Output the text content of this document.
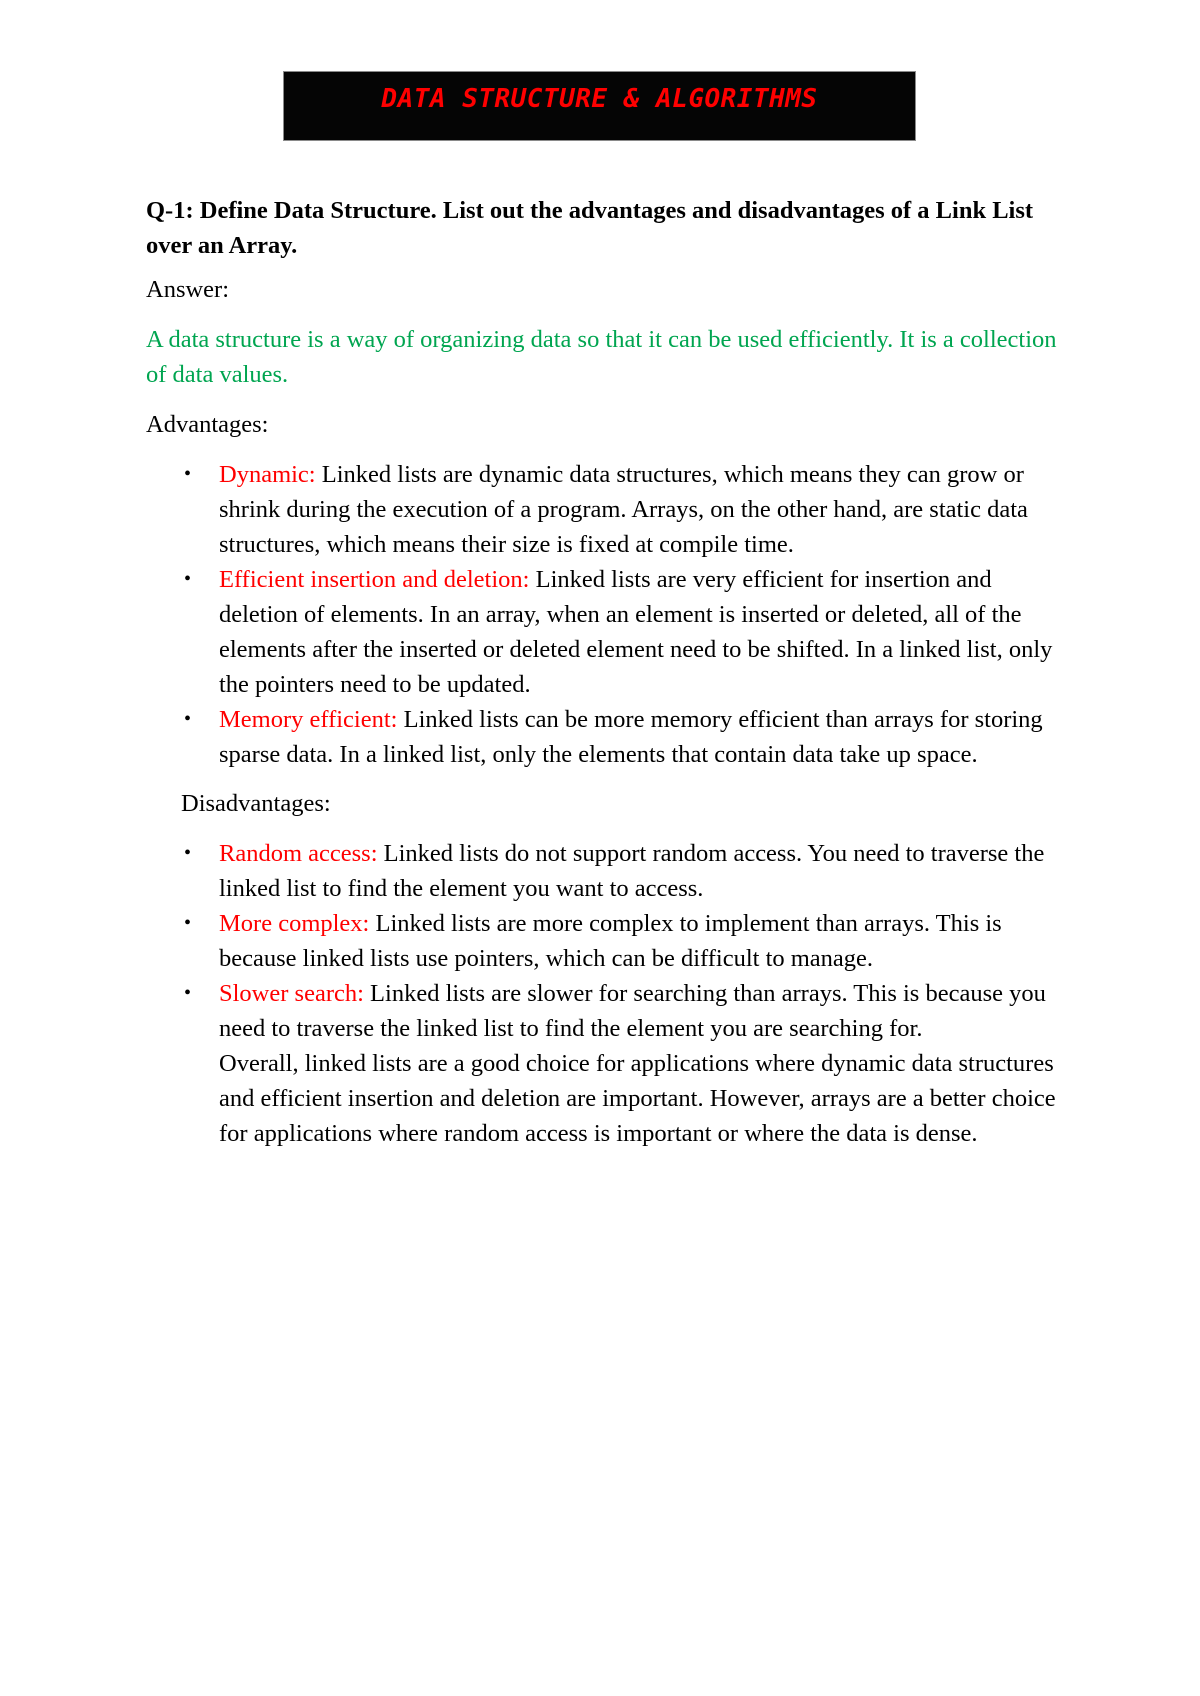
DATA STRUCTURE & ALGORITHMS

Q-1: Define Data Structure. List out the advantages and disadvantages of a Link List over an Array.

Answer:

A data structure is a way of organizing data so that it can be used efficiently. It is a collection of data values.

Advantages:

• Dynamic: Linked lists are dynamic data structures, which means they can grow or shrink during the execution of a program. Arrays, on the other hand, are static data structures, which means their size is fixed at compile time.
• Efficient insertion and deletion: Linked lists are very efficient for insertion and deletion of elements. In an array, when an element is inserted or deleted, all of the elements after the inserted or deleted element need to be shifted. In a linked list, only the pointers need to be updated.
• Memory efficient: Linked lists can be more memory efficient than arrays for storing sparse data. In a linked list, only the elements that contain data take up space.

Disadvantages:

• Random access: Linked lists do not support random access. You need to traverse the linked list to find the element you want to access.
• More complex: Linked lists are more complex to implement than arrays. This is because linked lists use pointers, which can be difficult to manage.
• Slower search: Linked lists are slower for searching than arrays. This is because you need to traverse the linked list to find the element you are searching for.
Overall, linked lists are a good choice for applications where dynamic data structures and efficient insertion and deletion are important. However, arrays are a better choice for applications where random access is important or where the data is dense.
